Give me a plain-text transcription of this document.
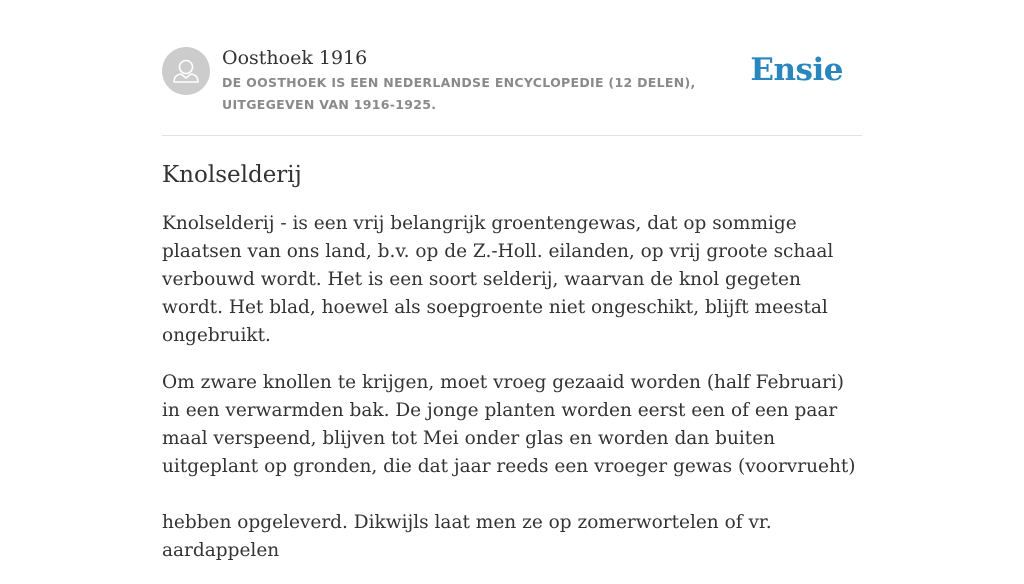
Oosthoek 1916
DE OOSTHOEK IS EEN NEDERLANDSE ENCYCLOPEDIE (12 DELEN), UITGEGEVEN VAN 1916-1925.
Ensie
Knolselderij

Knolselderij - is een vrij belangrijk groentengewas, dat op sommige plaatsen van ons land, b.v. op de Z.-Holl. eilanden, op vrij groote schaal verbouwd wordt. Het is een soort selderij, waarvan de knol gegeten wordt. Het blad, hoewel als soepgroente niet ongeschikt, blijft meestal ongebruikt.

Om zware knollen te krijgen, moet vroeg gezaaid worden (half Februari) in een verwarmden bak. De jonge planten worden eerst een of een paar maal verspeend, blijven tot Mei onder glas en worden dan buiten uitgeplant op gronden, die dat jaar reeds een vroeger gewas (voorvrueht)

hebben opgeleverd. Dikwijls laat men ze op zomerwortelen of vr. aardappelen
